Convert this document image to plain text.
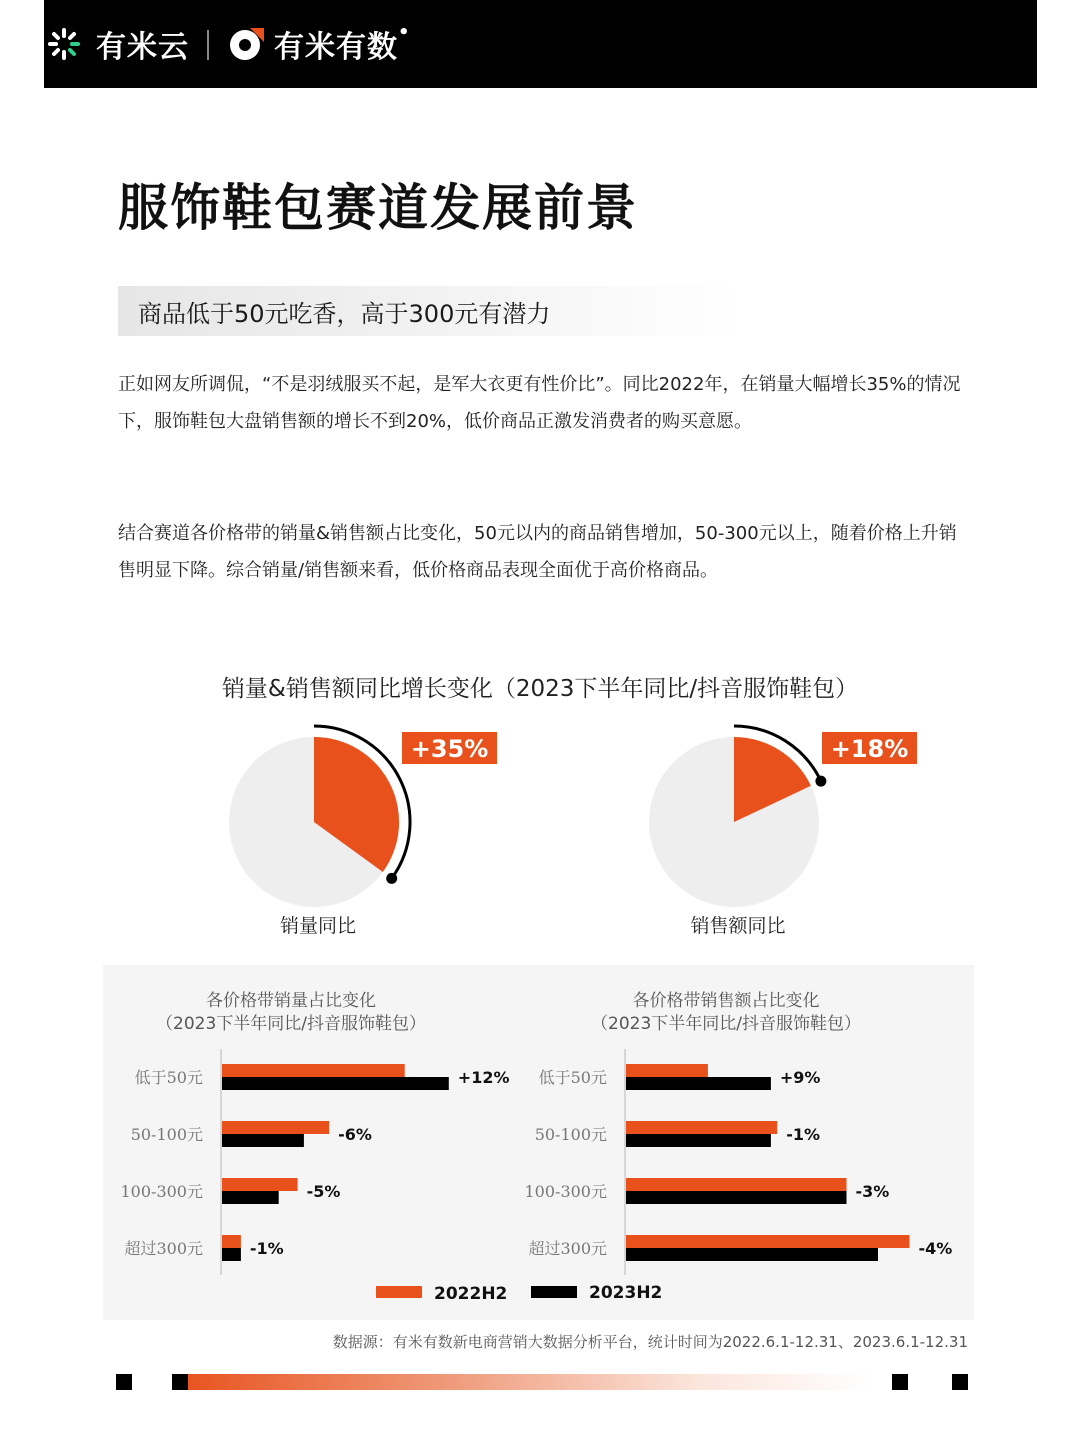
有米云	有米有数•
服饰鞋包赛道发展前景
商品低于50元吃香，高于300元有潜力
正如网友所调侃，“不是羽绒服买不起，是军大衣更有性价比”。同比2022年，在销量大幅增长35%的情况下，服饰鞋包大盘销售额的增长不到20%，低价商品正激发消费者的购买意愿。
结合赛道各价格带的销量&销售额占比变化，50元以内的商品销售增加，50-300元以上，随着价格上升销售明显下降。综合销量/销售额来看，低价格商品表现全面优于高价格商品。
销量&销售额同比增长变化（2023下半年同比/抖音服饰鞋包）
+35%
销量同比
+18%
销售额同比
各价格带销量占比变化
（2023下半年同比/抖音服饰鞋包）
低于50元	+12%
50-100元	-6%
100-300元	-5%
超过300元	-1%
各价格带销售额占比变化
（2023下半年同比/抖音服饰鞋包）
低于50元	+9%
50-100元	-1%
100-300元	-3%
超过300元	-4%
2022H2	2023H2
数据源：有米有数新电商营销大数据分析平台，统计时间为2022.6.1-12.31、2023.6.1-12.31
